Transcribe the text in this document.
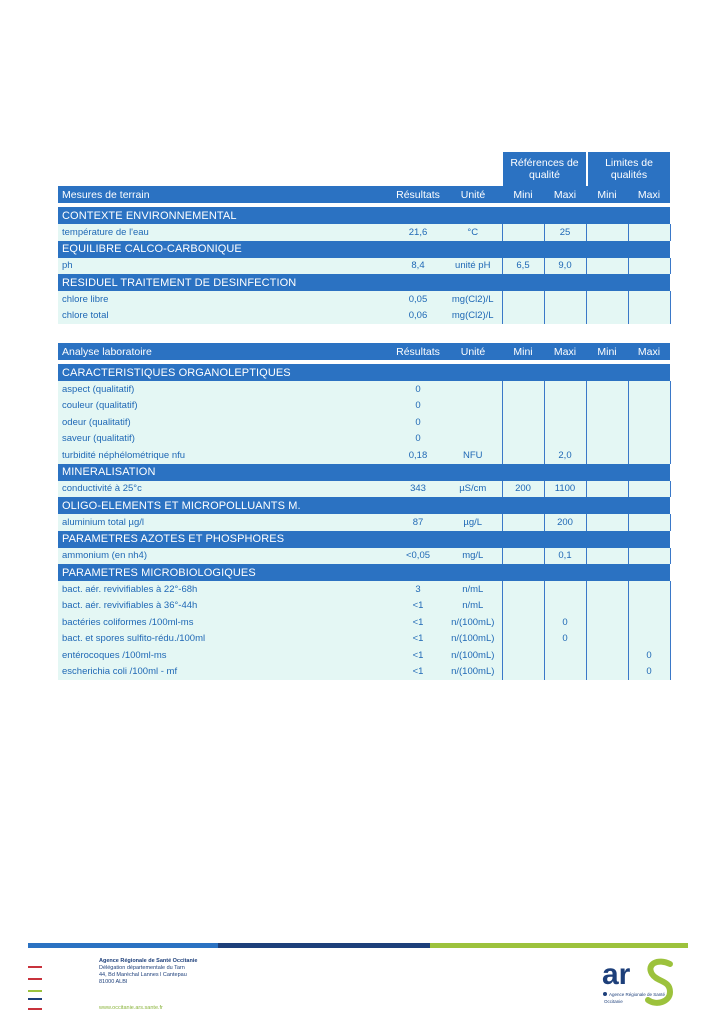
Références de qualité
Limites de qualités
Mesures de terrain	Résultats	Unité	Mini	Maxi	Mini	Maxi

CONTEXTE ENVIRONNEMENTAL						
température de l'eau	21,6	°C		25		
EQUILIBRE CALCO-CARBONIQUE						
ph	8,4	unité pH	6,5	9,0		
RESIDUEL TRAITEMENT DE DESINFECTION						
chlore libre	0,05	mg(Cl2)/L				
chlore total	0,06	mg(Cl2)/L				
Analyse laboratoire	Résultats	Unité	Mini	Maxi	Mini	Maxi

CARACTERISTIQUES ORGANOLEPTIQUES						
aspect (qualitatif)	0					
couleur (qualitatif)	0					
odeur (qualitatif)	0					
saveur (qualitatif)	0					
turbidité néphélométrique nfu	0,18	NFU		2,0		
MINERALISATION						
conductivité à 25°c	343	µS/cm	200	1100		
OLIGO-ELEMENTS ET MICROPOLLUANTS M.						
aluminium total µg/l	87	µg/L		200		
PARAMETRES AZOTES ET PHOSPHORES						
ammonium (en nh4)	<0,05	mg/L		0,1		
PARAMETRES MICROBIOLOGIQUES						
bact. aér. revivifiables à 22°-68h	3	n/mL				
bact. aér. revivifiables à 36°-44h	<1	n/mL				
bactéries coliformes /100ml-ms	<1	n/(100mL)		0		
bact. et spores sulfito-rédu./100ml	<1	n/(100mL)		0		
entérocoques /100ml-ms	<1	n/(100mL)				0
escherichia coli /100ml - mf	<1	n/(100mL)				0
Agence Régionale de Santé Occitanie
Délégation départementale du Tarn
44, Bd Maréchal Lannes l Cantepau
81000 ALBI
www.occitanie.ars.sante.fr
ar
Agence Régionale de Santé
Occitanie
